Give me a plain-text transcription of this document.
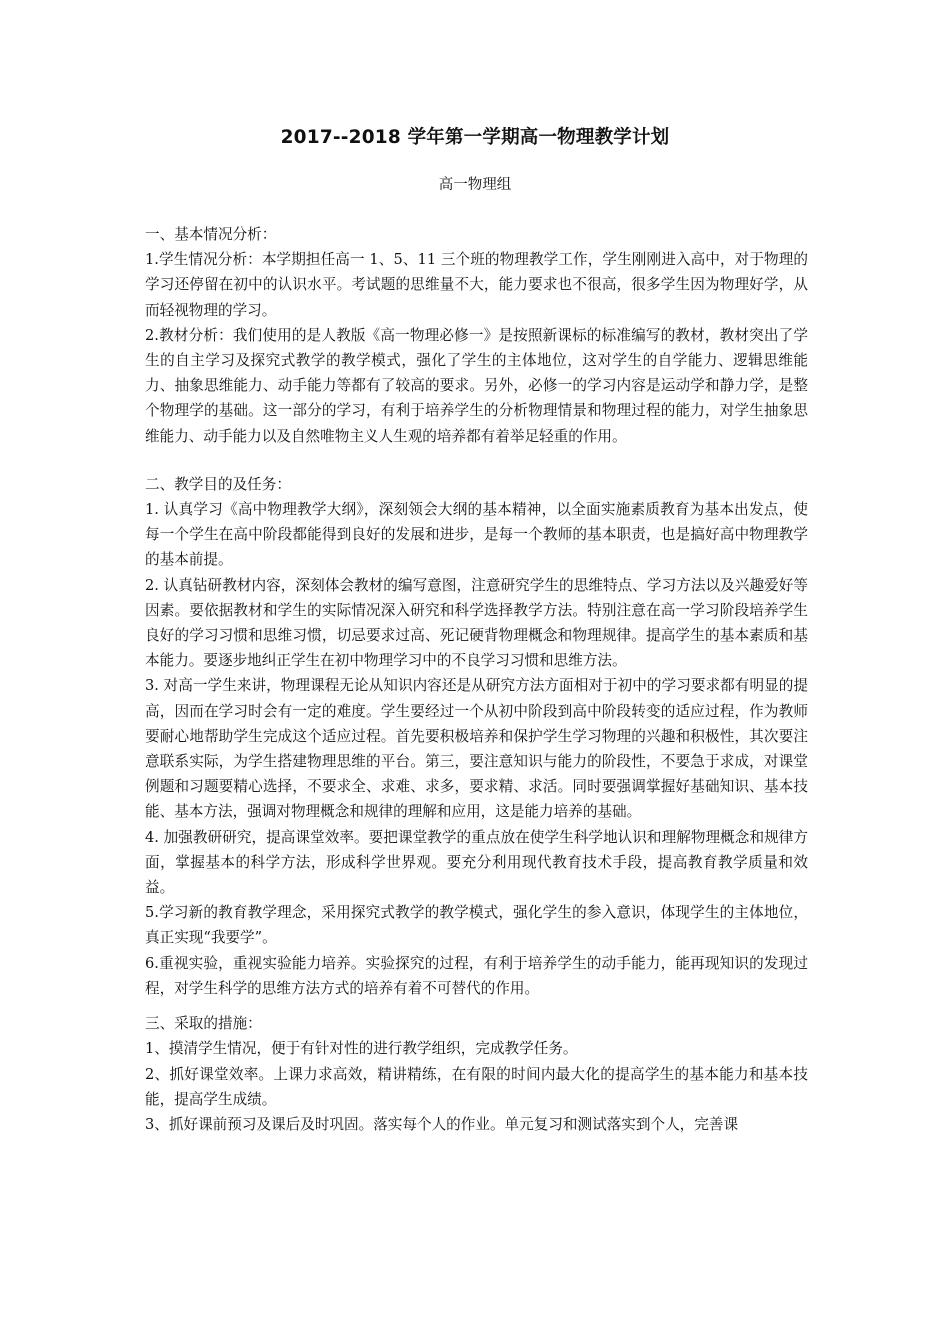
2017--2018 学年第一学期高一物理教学计划
高一物理组

一、基本情况分析：

1.学生情况分析：本学期担任高一 1、5、11 三个班的物理教学工作，学生刚刚进入高中，对于物理的学习还停留在初中的认识水平。考试题的思维量不大，能力要求也不很高，很多学生因为物理好学，从而轻视物理的学习。

2.教材分析：我们使用的是人教版《高一物理必修一》是按照新课标的标准编写的教材，教材突出了学生的自主学习及探究式教学的教学模式，强化了学生的主体地位，这对学生的自学能力、逻辑思维能力、抽象思维能力、动手能力等都有了较高的要求。另外，必修一的学习内容是运动学和静力学，是整个物理学的基础。这一部分的学习，有利于培养学生的分析物理情景和物理过程的能力，对学生抽象思维能力、动手能力以及自然唯物主义人生观的培养都有着举足轻重的作用。

二、教学目的及任务：

1. 认真学习《高中物理教学大纲》，深刻领会大纲的基本精神，以全面实施素质教育为基本出发点，使每一个学生在高中阶段都能得到良好的发展和进步，是每一个教师的基本职责，也是搞好高中物理教学的基本前提。

2. 认真钻研教材内容，深刻体会教材的编写意图，注意研究学生的思维特点、学习方法以及兴趣爱好等因素。要依据教材和学生的实际情况深入研究和科学选择教学方法。特别注意在高一学习阶段培养学生良好的学习习惯和思维习惯，切忌要求过高、死记硬背物理概念和物理规律。提高学生的基本素质和基本能力。要逐步地纠正学生在初中物理学习中的不良学习习惯和思维方法。

3. 对高一学生来讲，物理课程无论从知识内容还是从研究方法方面相对于初中的学习要求都有明显的提高，因而在学习时会有一定的难度。学生要经过一个从初中阶段到高中阶段转变的适应过程，作为教师要耐心地帮助学生完成这个适应过程。首先要积极培养和保护学生学习物理的兴趣和积极性，其次要注意联系实际，为学生搭建物理思维的平台。第三，要注意知识与能力的阶段性，不要急于求成，对课堂例题和习题要精心选择，不要求全、求难、求多，要求精、求活。同时要强调掌握好基础知识、基本技能、基本方法，强调对物理概念和规律的理解和应用，这是能力培养的基础。

4. 加强教研研究，提高课堂效率。要把课堂教学的重点放在使学生科学地认识和理解物理概念和规律方面，掌握基本的科学方法，形成科学世界观。要充分利用现代教育技术手段，提高教育教学质量和效益。

5.学习新的教育教学理念，采用探究式教学的教学模式，强化学生的参入意识，体现学生的主体地位，真正实现“我要学”。

6.重视实验，重视实验能力培养。实验探究的过程，有利于培养学生的动手能力，能再现知识的发现过程，对学生科学的思维方法方式的培养有着不可替代的作用。

三、采取的措施：

1、摸清学生情况，便于有针对性的进行教学组织，完成教学任务。

2、抓好课堂效率。上课力求高效，精讲精练，在有限的时间内最大化的提高学生的基本能力和基本技能，提高学生成绩。

3、抓好课前预习及课后及时巩固。落实每个人的作业。单元复习和测试落实到个人，完善课
